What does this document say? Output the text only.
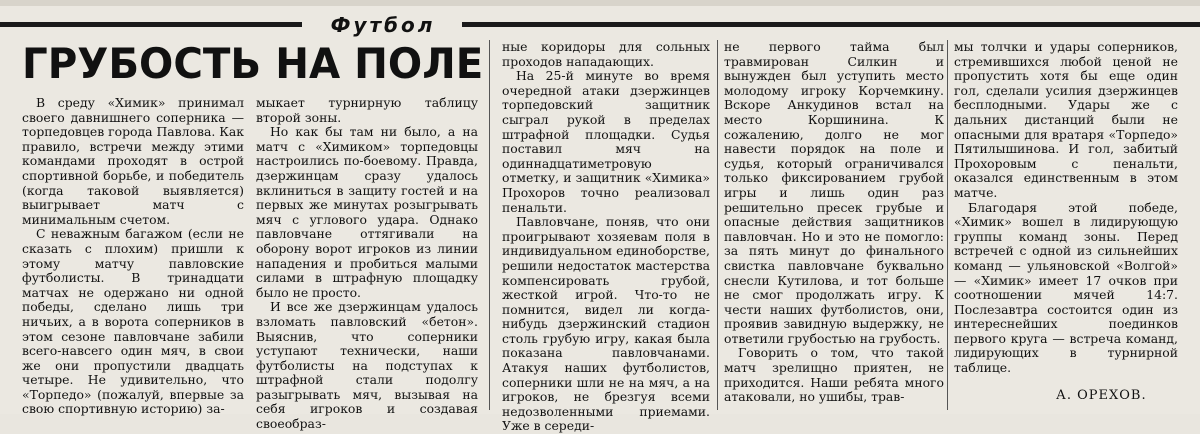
Футбол
ГРУБОСТЬ НА ПОЛЕ

В среду «Химик» принимал своего давнишнего соперника — торпедовцев города Павлова. Как правило, встречи между этими командами проходят в острой спортивной борьбе, и победитель (когда таковой выявляется) выигрывает матч с минимальным счетом.

С неважным багажом (если не сказать с плохим) пришли к этому матчу павловские футболисты. В тринадцати матчах не одержано ни одной победы, сделано лишь три ничьих, а в ворота соперников в этом сезоне павловчане забили всего-навсего один мяч, в свои же они пропустили двадцать четыре. Не удивительно, что «Торпедо» (пожалуй, впервые за свою спортивную историю) за-

мыкает турнирную таблицу второй зоны.

Но как бы там ни было, а на матч с «Химиком» торпедовцы настроились по-боевому. Правда, дзержинцам сразу удалось вклиниться в защиту гостей и на первых же минутах розыгрывать мяч с углового удара. Однако павловчане оттягивали на оборону ворот игроков из линии нападения и пробиться малыми силами в штрафную площадку было не просто.

И все же дзержинцам удалось взломать павловский «бетон». Выяснив, что соперники уступают технически, наши футболисты на подступах к штрафной стали подолгу разыгрывать мяч, вызывая на себя игроков и создавая своеобраз-

ные коридоры для сольных проходов нападающих.

На 25-й минуте во время очередной атаки дзержинцев торпедовский защитник сыграл рукой в пределах штрафной площадки. Судья поставил мяч на одиннадцатиметровую отметку, и защитник «Химика» Прохоров точно реализовал пенальти.

Павловчане, поняв, что они проигрывают хозяевам поля в индивидуальном единоборстве, решили недостаток мастерства компенсировать грубой, жесткой игрой. Что-то не помнится, видел ли когда-нибудь дзержинский стадион столь грубую игру, какая была показана павловчанами. Атакуя наших футболистов, соперники шли не на мяч, а на игроков, не брезгуя всеми недозволенными приемами. Уже в середи-

не первого тайма был травмирован Силкин и вынужден был уступить место молодому игроку Корчемкину. Вскоре Анкудинов встал на место Коршинина. К сожалению, долго не мог навести порядок на поле и судья, который ограничивался только фиксированием грубой игры и лишь один раз решительно пресек грубые и опасные действия защитников павловчан. Но и это не помогло: за пять минут до финального свистка павловчане буквально снесли Кутилова, и тот больше не смог продолжать игру. К чести наших футболистов, они, проявив завидную выдержку, не ответили грубостью на грубость.

Говорить о том, что такой матч зрелищно приятен, не приходится. Наши ребята много атаковали, но ушибы, трав-

мы толчки и удары соперников, стремившихся любой ценой не пропустить хотя бы еще один гол, сделали усилия дзержинцев бесплодными. Удары же с дальних дистанций были не опасными для вратаря «Торпедо» Пятилышинова. И гол, забитый Прохоровым с пенальти, оказался единственным в этом матче.

Благодаря этой победе, «Химик» вошел в лидирующую группы команд зоны. Перед встречей с одной из сильнейших команд — ульяновской «Волгой» — «Химик» имеет 17 очков при соотношении мячей 14:7. Послезавтра состоится один из интереснейших поединков первого круга — встреча команд, лидирующих в турнирной таблице.

А. ОРЕХОВ.
